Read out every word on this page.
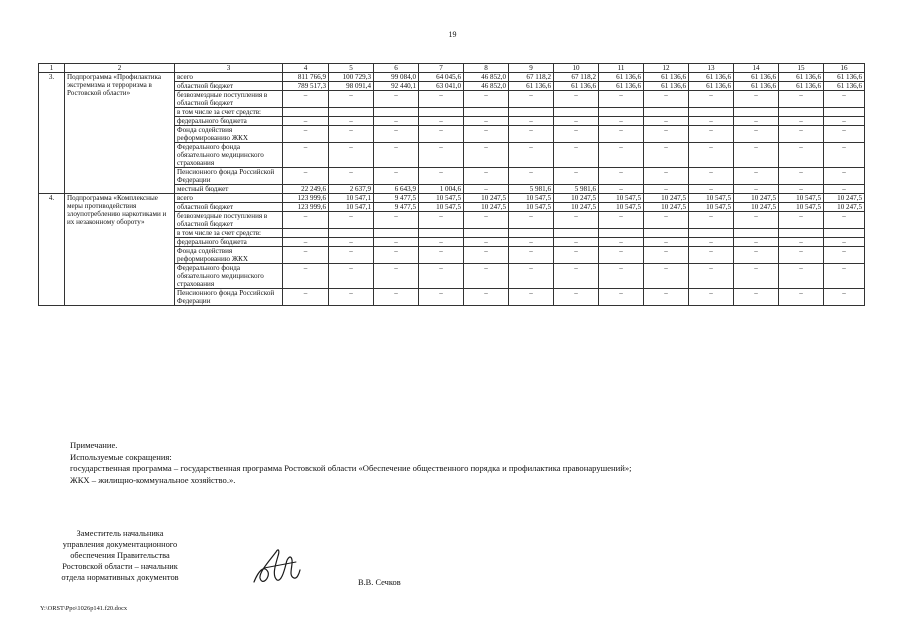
19
1	2	3	4	5	6	7	8	9	10	11	12	13	14	15	16
3.	Подпрограмма «Профилактика экстремизма и терроризма в Ростовской области»	всего	811 766,9	100 729,3	99 084,0	64 045,6	46 852,0	67 118,2	67 118,2	61 136,6	61 136,6	61 136,6	61 136,6	61 136,6	61 136,6
		областной бюджет	789 517,3	98 091,4	92 440,1	63 041,0	46 852,0	61 136,6	61 136,6	61 136,6	61 136,6	61 136,6	61 136,6	61 136,6	61 136,6
		безвозмездные поступления в областной бюджет	–	–	–	–	–	–	–	–	–	–	–	–	–
		в том числе за счет средств:													
		федерального бюджета	–	–	–	–	–	–	–	–	–	–	–	–	–
		Фонда содействия реформированию ЖКХ	–	–	–	–	–	–	–	–	–	–	–	–	–
		Федерального фонда обязательного медицинского страхования	–	–	–	–	–	–	–	–	–	–	–	–	–
		Пенсионного фонда Российской Федерации	–	–	–	–	–	–	–	–	–	–	–	–	–
		местный бюджет	22 249,6	2 637,9	6 643,9	1 004,6	–	5 981,6	5 981,6	–	–	–	–	–	–
4.	Подпрограмма «Комплексные меры противодействия злоупотреблению наркотиками и их незаконному обороту»	всего	123 999,6	10 547,1	9 477,5	10 547,5	10 247,5	10 547,5	10 247,5	10 547,5	10 247,5	10 547,5	10 247,5	10 547,5	10 247,5
		областной бюджет	123 999,6	10 547,1	9 477,5	10 547,5	10 247,5	10 547,5	10 247,5	10 547,5	10 247,5	10 547,5	10 247,5	10 547,5	10 247,5
		безвозмездные поступления в областной бюджет	–	–	–	–	–	–	–	–	–	–	–	–	–
		в том числе за счет средств:													
		федерального бюджета	–	–	–	–	–	–	–	–	–	–	–	–	–
		Фонда содействия реформированию ЖКХ	–	–	–	–	–	–	–	–	–	–	–	–	–
		Федерального фонда обязательного медицинского страхования	–	–	–	–	–	–	–	–	–	–	–	–	–
		Пенсионного фонда Российской Федерации	–	–	–	–	–	–	–	–	–	–	–	–	–
Примечание.
Используемые сокращения:
государственная программа – государственная программа Ростовской области «Обеспечение общественного порядка и профилактика правонарушений»;
ЖКХ – жилищно-коммунальное хозяйство.».
Заместитель начальника
управления документационного
обеспечения Правительства
Ростовской области – начальник
отдела нормативных документов
В.В. Сечков
Y:\ORST\Ppo\1026p141.f20.docx
